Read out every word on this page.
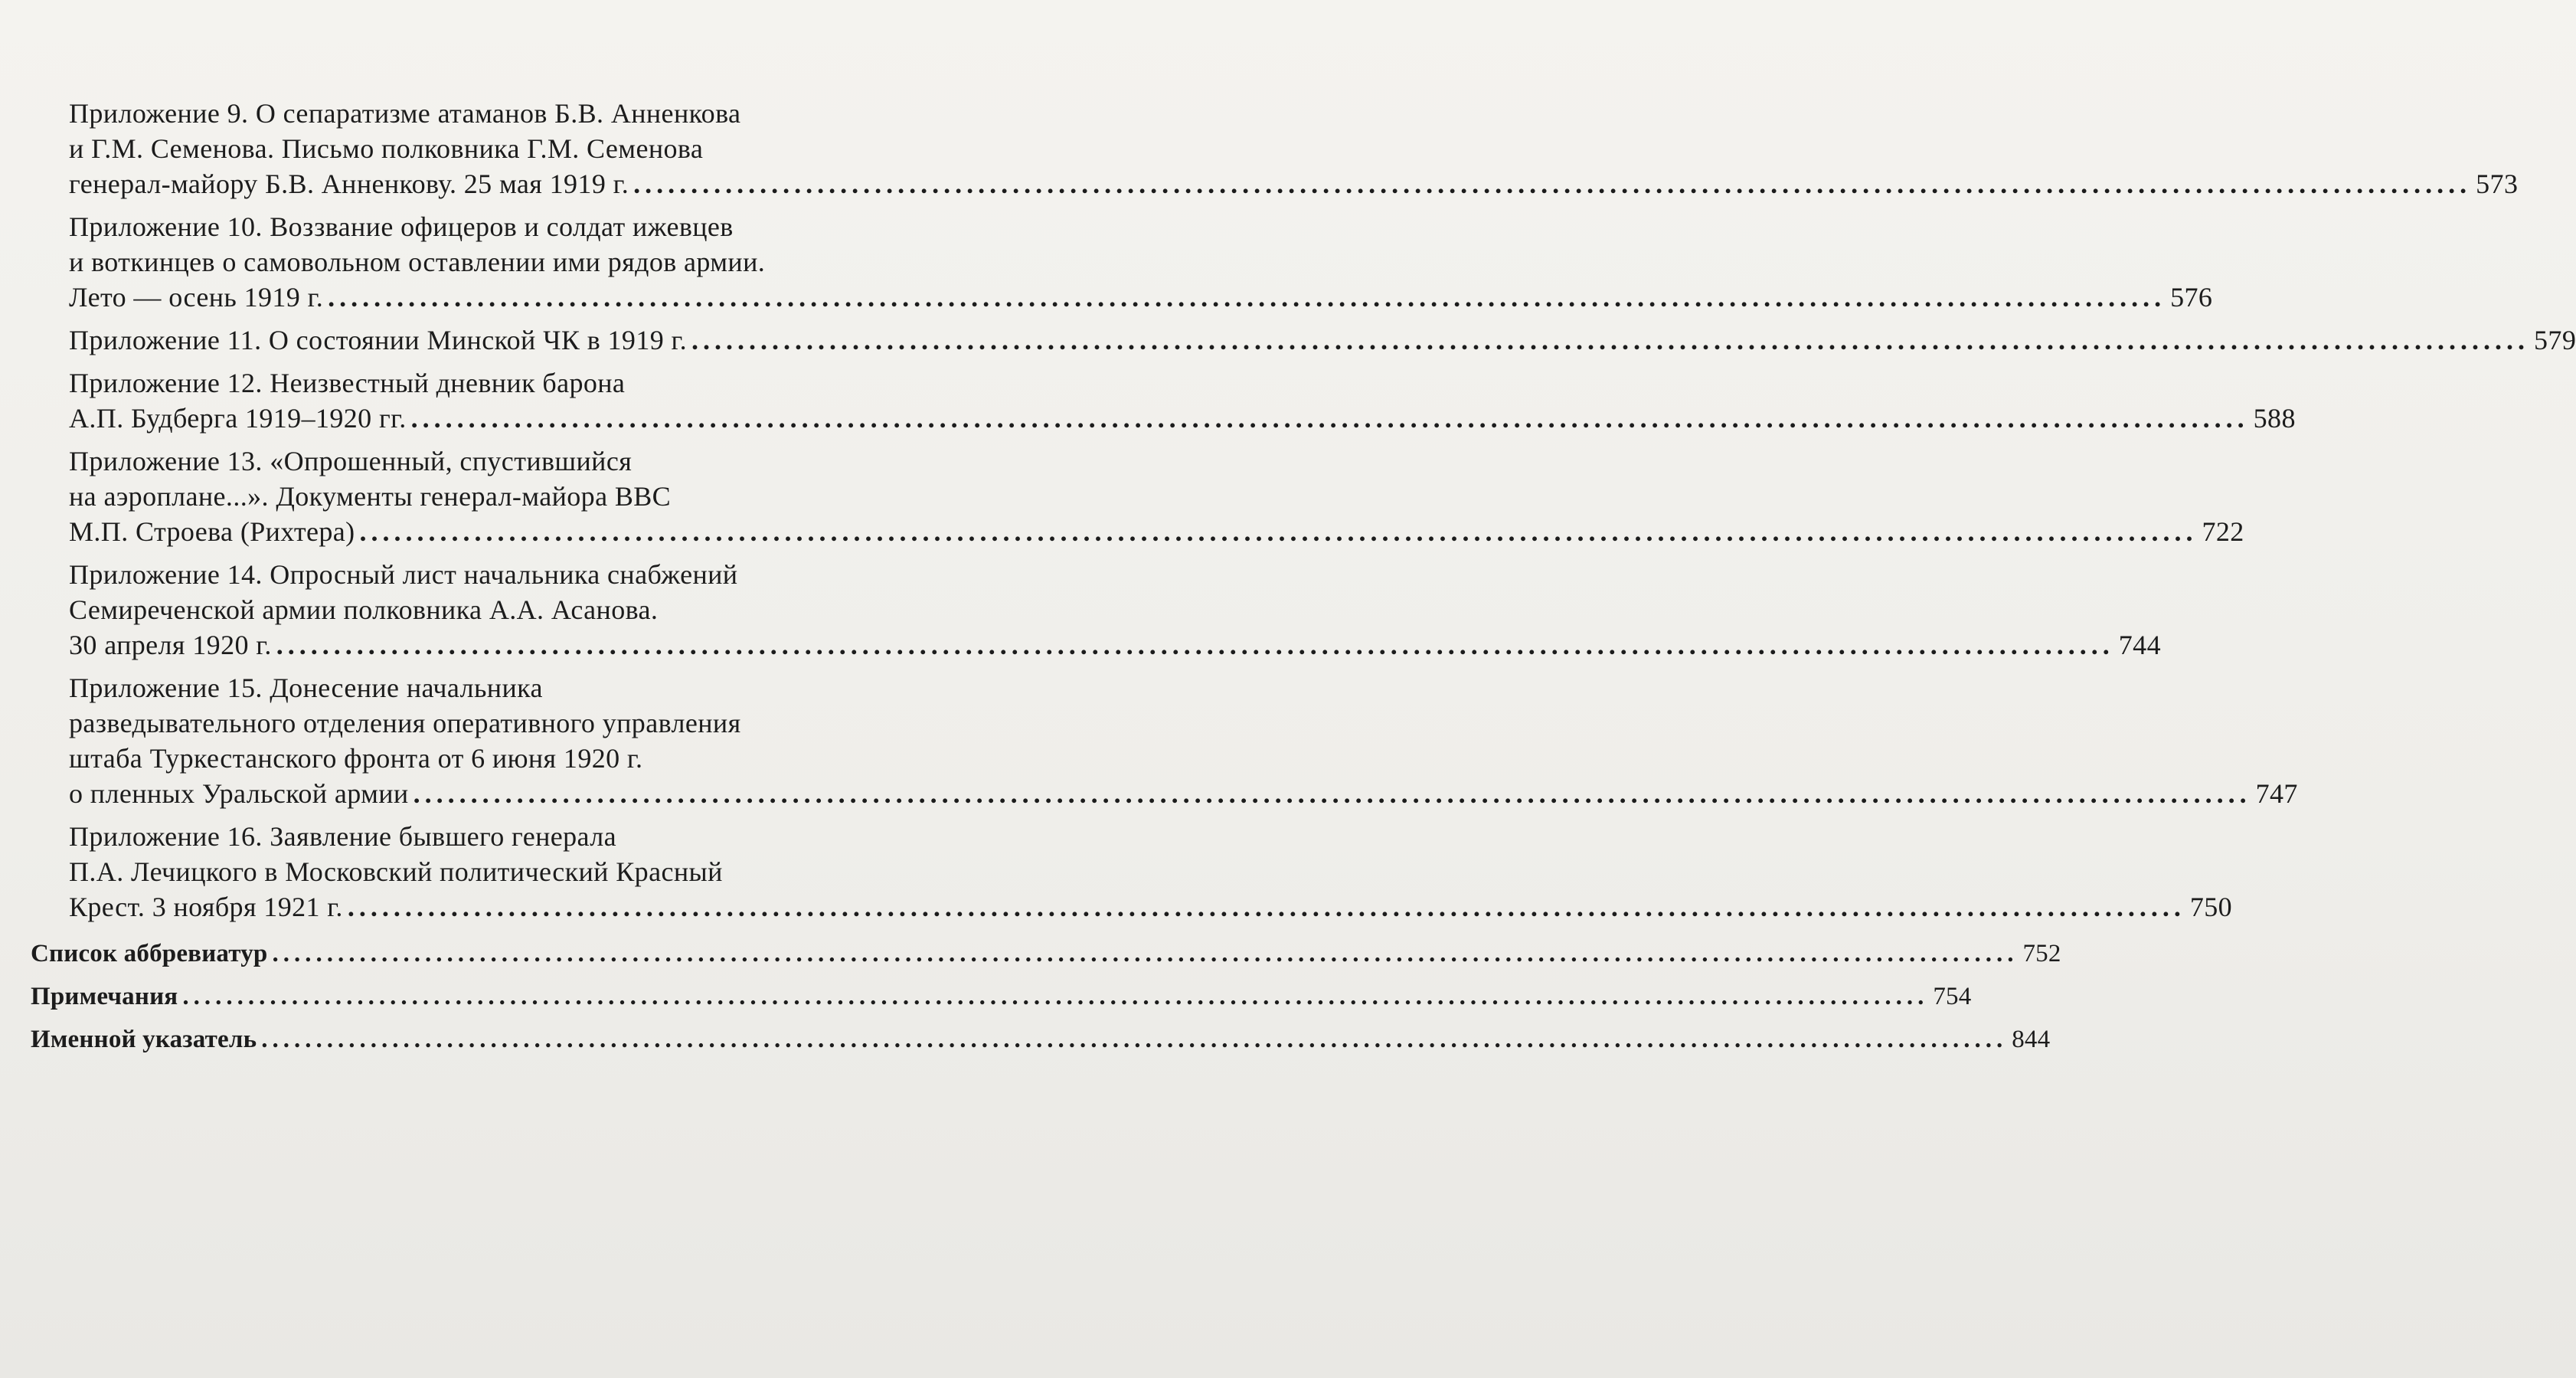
Приложение 9. О сепаратизме атаманов Б.В. Анненкова
и Г.М. Семенова. Письмо полковника Г.М. Семенова
генерал-майору Б.В. Анненкову. 25 мая 1919 г. ................................................................................................................................................................ 573
Приложение 10. Воззвание офицеров и солдат ижевцев
и воткинцев о самовольном оставлении ими рядов армии.
Лето — осень 1919 г. ................................................................................................................................................................ 576
Приложение 11. О состоянии Минской ЧК в 1919 г. ................................................................................................................................................................ 579
Приложение 12. Неизвестный дневник барона
А.П. Будберга 1919–1920 гг. ................................................................................................................................................................ 588
Приложение 13. «Опрошенный, спустившийся
на аэроплане...». Документы генерал-майора ВВС
М.П. Строева (Рихтера) ................................................................................................................................................................ 722
Приложение 14. Опросный лист начальника снабжений
Семиреченской армии полковника А.А. Асанова.
30 апреля 1920 г. ................................................................................................................................................................ 744
Приложение 15. Донесение начальника
разведывательного отделения оперативного управления
штаба Туркестанского фронта от 6 июня 1920 г.
о пленных Уральской армии ................................................................................................................................................................ 747
Приложение 16. Заявление бывшего генерала
П.А. Лечицкого в Московский политический Красный
Крест. 3 ноября 1921 г. ................................................................................................................................................................ 750
Список аббревиатур ................................................................................................................................................................ 752
Примечания ................................................................................................................................................................ 754
Именной указатель ................................................................................................................................................................ 844
